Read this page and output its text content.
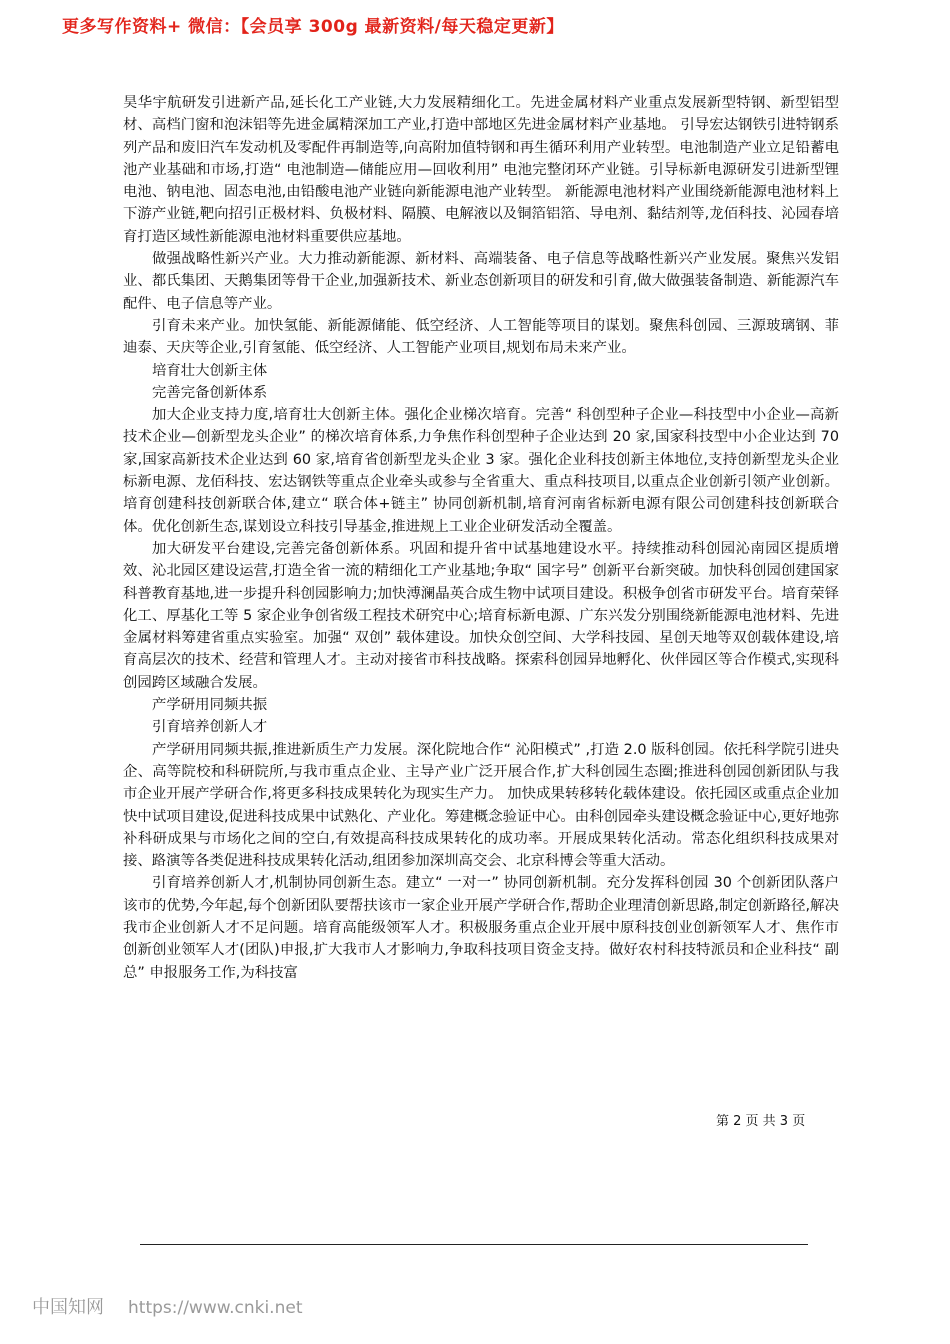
更多写作资料+ 微信：【会员享 300g 最新资料/每天稳定更新】

昊华宇航研发引进新产品,延长化工产业链,大力发展精细化工。先进金属材料产业重点发展新型特钢、新型铝型材、高档门窗和泡沫铝等先进金属精深加工产业,打造中部地区先进金属材料产业基地。 引导宏达钢铁引进特钢系列产品和废旧汽车发动机及零配件再制造等,向高附加值特钢和再生循环利用产业转型。电池制造产业立足铅蓄电池产业基础和市场,打造“ 电池制造—储能应用—回收利用” 电池完整闭环产业链。引导标新电源研发引进新型锂电池、钠电池、固态电池,由铅酸电池产业链向新能源电池产业转型。 新能源电池材料产业围绕新能源电池材料上下游产业链,靶向招引正极材料、负极材料、隔膜、电解液以及铜箔铝箔、导电剂、黏结剂等,龙佰科技、沁园春培育打造区域性新能源电池材料重要供应基地。

做强战略性新兴产业。大力推动新能源、新材料、高端装备、电子信息等战略性新兴产业发展。聚焦兴发铝业、都氏集团、天鹅集团等骨干企业,加强新技术、新业态创新项目的研发和引育,做大做强装备制造、新能源汽车配件、电子信息等产业。

引育未来产业。加快氢能、新能源储能、低空经济、人工智能等项目的谋划。聚焦科创园、三源玻璃钢、菲迪泰、天庆等企业,引育氢能、低空经济、人工智能产业项目,规划布局未来产业。

培育壮大创新主体

完善完备创新体系

加大企业支持力度,培育壮大创新主体。强化企业梯次培育。完善“ 科创型种子企业—科技型中小企业—高新技术企业—创新型龙头企业” 的梯次培育体系,力争焦作科创型种子企业达到 20 家,国家科技型中小企业达到 70 家,国家高新技术企业达到 60 家,培育省创新型龙头企业 3 家。强化企业科技创新主体地位,支持创新型龙头企业标新电源、龙佰科技、宏达钢铁等重点企业牵头或参与全省重大、重点科技项目,以重点企业创新引领产业创新。培育创建科技创新联合体,建立“ 联合体+链主” 协同创新机制,培育河南省标新电源有限公司创建科技创新联合体。优化创新生态,谋划设立科技引导基金,推进规上工业企业研发活动全覆盖。

加大研发平台建设,完善完备创新体系。巩固和提升省中试基地建设水平。持续推动科创园沁南园区提质增效、沁北园区建设运营,打造全省一流的精细化工产业基地;争取“ 国字号” 创新平台新突破。加快科创园创建国家科普教育基地,进一步提升科创园影响力;加快溥澜晶英合成生物中试项目建设。积极争创省市研发平台。培育荣铎化工、厚基化工等 5 家企业争创省级工程技术研究中心;培育标新电源、广东兴发分别围绕新能源电池材料、先进金属材料筹建省重点实验室。加强“ 双创” 载体建设。加快众创空间、大学科技园、星创天地等双创载体建设,培育高层次的技术、经营和管理人才。主动对接省市科技战略。探索科创园异地孵化、伙伴园区等合作模式,实现科创园跨区域融合发展。

产学研用同频共振

引育培养创新人才

产学研用同频共振,推进新质生产力发展。深化院地合作“ 沁阳模式” ,打造 2.0 版科创园。依托科学院引进央企、高等院校和科研院所,与我市重点企业、主导产业广泛开展合作,扩大科创园生态圈;推进科创园创新团队与我市企业开展产学研合作,将更多科技成果转化为现实生产力。 加快成果转移转化载体建设。依托园区或重点企业加快中试项目建设,促进科技成果中试熟化、产业化。筹建概念验证中心。由科创园牵头建设概念验证中心,更好地弥补科研成果与市场化之间的空白,有效提高科技成果转化的成功率。开展成果转化活动。常态化组织科技成果对接、路演等各类促进科技成果转化活动,组团参加深圳高交会、北京科博会等重大活动。

引育培养创新人才,机制协同创新生态。建立“ 一对一” 协同创新机制。充分发挥科创园 30 个创新团队落户该市的优势,今年起,每个创新团队要帮扶该市一家企业开展产学研合作,帮助企业理清创新思路,制定创新路径,解决我市企业创新人才不足问题。培育高能级领军人才。积极服务重点企业开展中原科技创业创新领军人才、焦作市创新创业领军人才(团队)申报,扩大我市人才影响力,争取科技项目资金支持。做好农村科技特派员和企业科技“ 副总” 申报服务工作,为科技富

第 2 页 共 3 页
中国知网 https://www.cnki.net
